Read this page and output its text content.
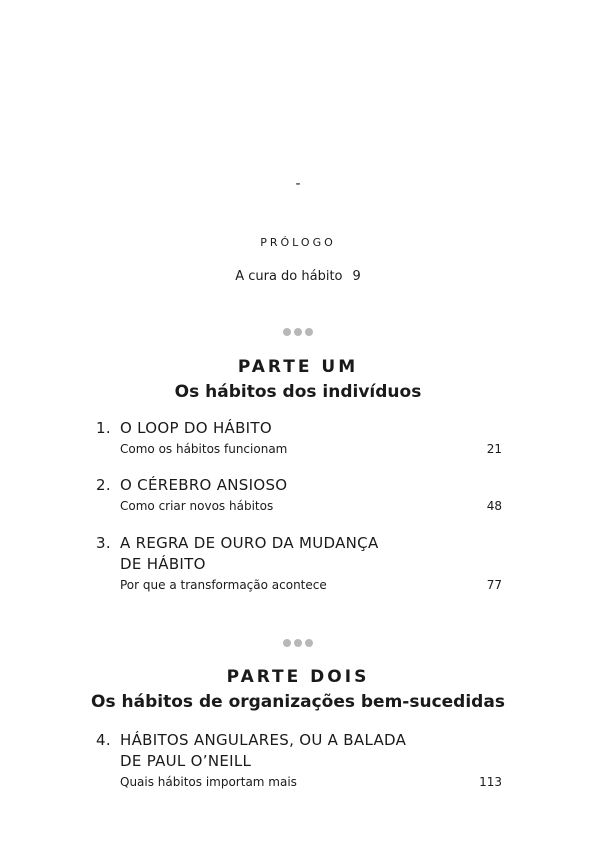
-
PRÓLOGO
A cura do hábito 9
PARTE UM
Os hábitos dos indivíduos
1. O LOOP DO HÁBITO
Como os hábitos funcionam	21
2. O CÉREBRO ANSIOSO
Como criar novos hábitos	48
3. A REGRA DE OURO DA MUDANÇA
DE HÁBITO
Por que a transformação acontece	77
PARTE DOIS
Os hábitos de organizações bem-sucedidas
4. HÁBITOS ANGULARES, OU A BALADA
DE PAUL O’NEILL
Quais hábitos importam mais	113
